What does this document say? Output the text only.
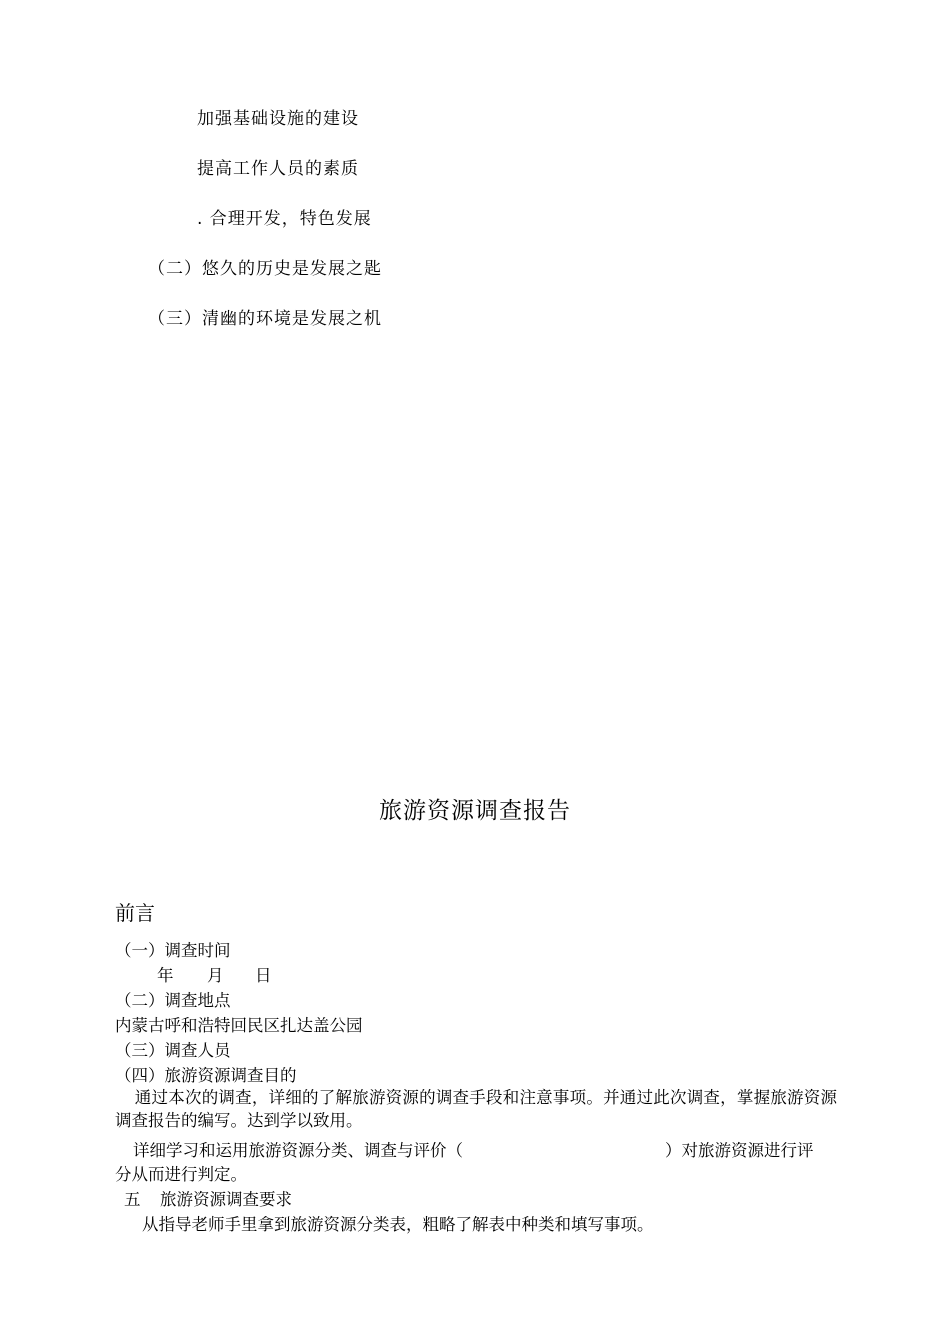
加强基础设施的建设
提高工作人员的素质
. 合理开发，特色发展
（二）悠久的历史是发展之匙
（三）清幽的环境是发展之机
旅游资源调查报告
前言
（一）调查时间
年 月 日
（二）调查地点
内蒙古呼和浩特回民区扎达盖公园
（三）调查人员
（四）旅游资源调查目的
通过本次的调查，详细的了解旅游资源的调查手段和注意事项。并通过此次调查，掌握旅游资源调查报告的编写。达到学以致用。
详细学习和运用旅游资源分类、调查与评价（	）对旅游资源进行评
分从而进行判定。
五 旅游资源调查要求
从指导老师手里拿到旅游资源分类表，粗略了解表中种类和填写事项。
